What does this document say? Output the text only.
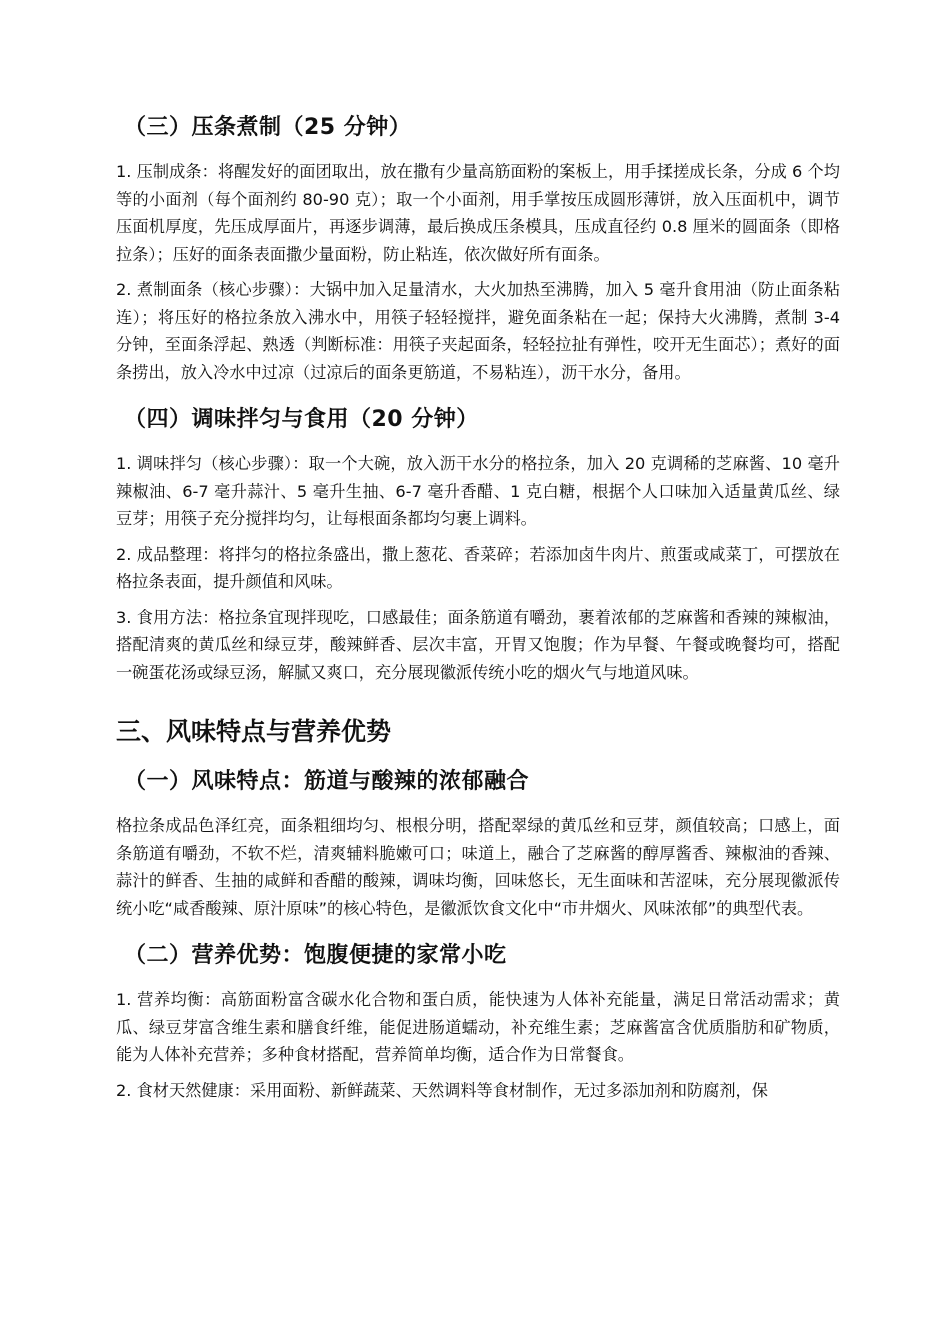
（三）压条煮制（25 分钟）

1. 压制成条：将醒发好的面团取出，放在撒有少量高筋面粉的案板上，用手揉搓成长条，分成 6 个均等的小面剂（每个面剂约 80-90 克）；取一个小面剂，用手掌按压成圆形薄饼，放入压面机中，调节压面机厚度，先压成厚面片，再逐步调薄，最后换成压条模具，压成直径约 0.8 厘米的圆面条（即格拉条）；压好的面条表面撒少量面粉，防止粘连，依次做好所有面条。

2. 煮制面条（核心步骤）：大锅中加入足量清水，大火加热至沸腾，加入 5 毫升食用油（防止面条粘连）；将压好的格拉条放入沸水中，用筷子轻轻搅拌，避免面条粘在一起；保持大火沸腾，煮制 3-4 分钟，至面条浮起、熟透（判断标准：用筷子夹起面条，轻轻拉扯有弹性，咬开无生面芯）；煮好的面条捞出，放入冷水中过凉（过凉后的面条更筋道，不易粘连），沥干水分，备用。

（四）调味拌匀与食用（20 分钟）

1. 调味拌匀（核心步骤）：取一个大碗，放入沥干水分的格拉条，加入 20 克调稀的芝麻酱、10 毫升辣椒油、6-7 毫升蒜汁、5 毫升生抽、6-7 毫升香醋、1 克白糖，根据个人口味加入适量黄瓜丝、绿豆芽；用筷子充分搅拌均匀，让每根面条都均匀裹上调料。

2. 成品整理：将拌匀的格拉条盛出，撒上葱花、香菜碎；若添加卤牛肉片、煎蛋或咸菜丁，可摆放在格拉条表面，提升颜值和风味。

3. 食用方法：格拉条宜现拌现吃，口感最佳；面条筋道有嚼劲，裹着浓郁的芝麻酱和香辣的辣椒油，搭配清爽的黄瓜丝和绿豆芽，酸辣鲜香、层次丰富，开胃又饱腹；作为早餐、午餐或晚餐均可，搭配一碗蛋花汤或绿豆汤，解腻又爽口，充分展现徽派传统小吃的烟火气与地道风味。

三、风味特点与营养优势
（一）风味特点：筋道与酸辣的浓郁融合

格拉条成品色泽红亮，面条粗细均匀、根根分明，搭配翠绿的黄瓜丝和豆芽，颜值较高；口感上，面条筋道有嚼劲，不软不烂，清爽辅料脆嫩可口；味道上，融合了芝麻酱的醇厚酱香、辣椒油的香辣、蒜汁的鲜香、生抽的咸鲜和香醋的酸辣，调味均衡，回味悠长，无生面味和苦涩味，充分展现徽派传统小吃“咸香酸辣、原汁原味”的核心特色，是徽派饮食文化中“市井烟火、风味浓郁”的典型代表。

（二）营养优势：饱腹便捷的家常小吃

1. 营养均衡：高筋面粉富含碳水化合物和蛋白质，能快速为人体补充能量，满足日常活动需求；黄瓜、绿豆芽富含维生素和膳食纤维，能促进肠道蠕动，补充维生素；芝麻酱富含优质脂肪和矿物质，能为人体补充营养；多种食材搭配，营养简单均衡，适合作为日常餐食。

2. 食材天然健康：采用面粉、新鲜蔬菜、天然调料等食材制作，无过多添加剂和防腐剂，保
